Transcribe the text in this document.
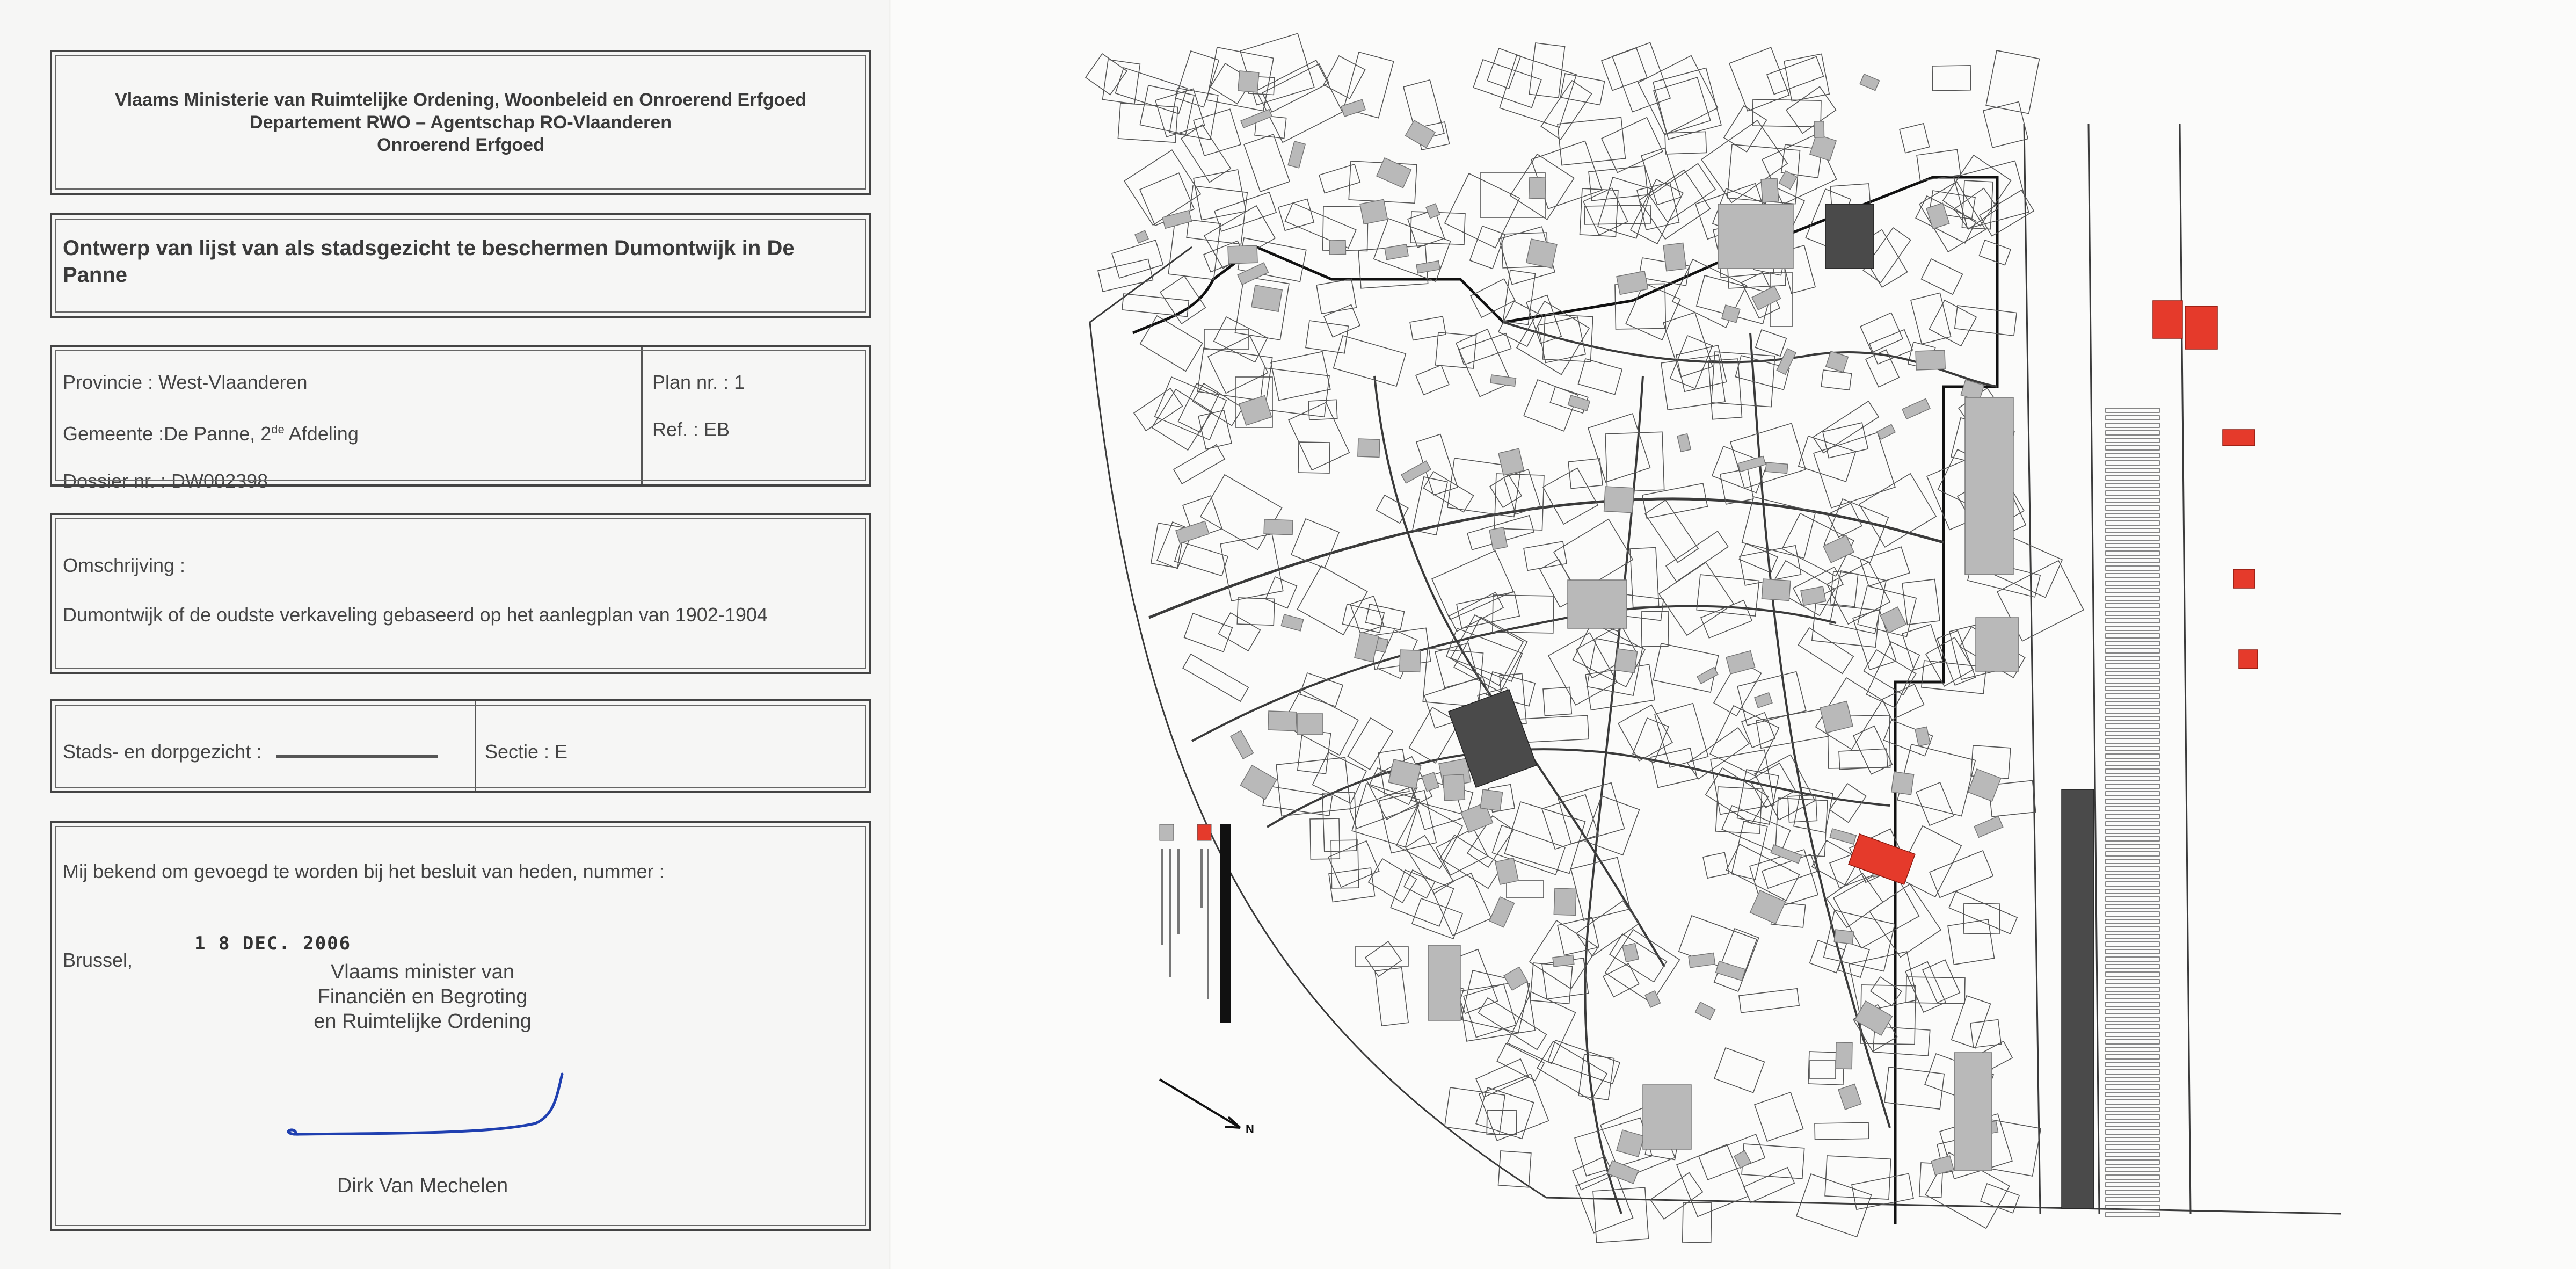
Vlaams Ministerie van Ruimtelijke Ordening, Woonbeleid en Onroerend Erfgoed
Departement RWO – Agentschap RO-Vlaanderen
Onroerend Erfgoed
Ontwerp van lijst van als stadsgezicht te beschermen Dumontwijk in De Panne
Provincie : West-Vlaanderen
Gemeente :De Panne, 2de Afdeling
Dossier nr. : DW002398
Plan nr. : 1
Ref. : EB
Omschrijving :
Dumontwijk of de oudste verkaveling gebaseerd op het aanlegplan van 1902-1904
Stads- en dorpgezicht :	Sectie : E
Mij bekend om gevoegd te worden bij het besluit van heden, nummer :
Brussel,
1 8 DEC. 2006
Vlaams minister van
Financiën en Begroting
en Ruimtelijke Ordening
Dirk Van Mechelen
N
